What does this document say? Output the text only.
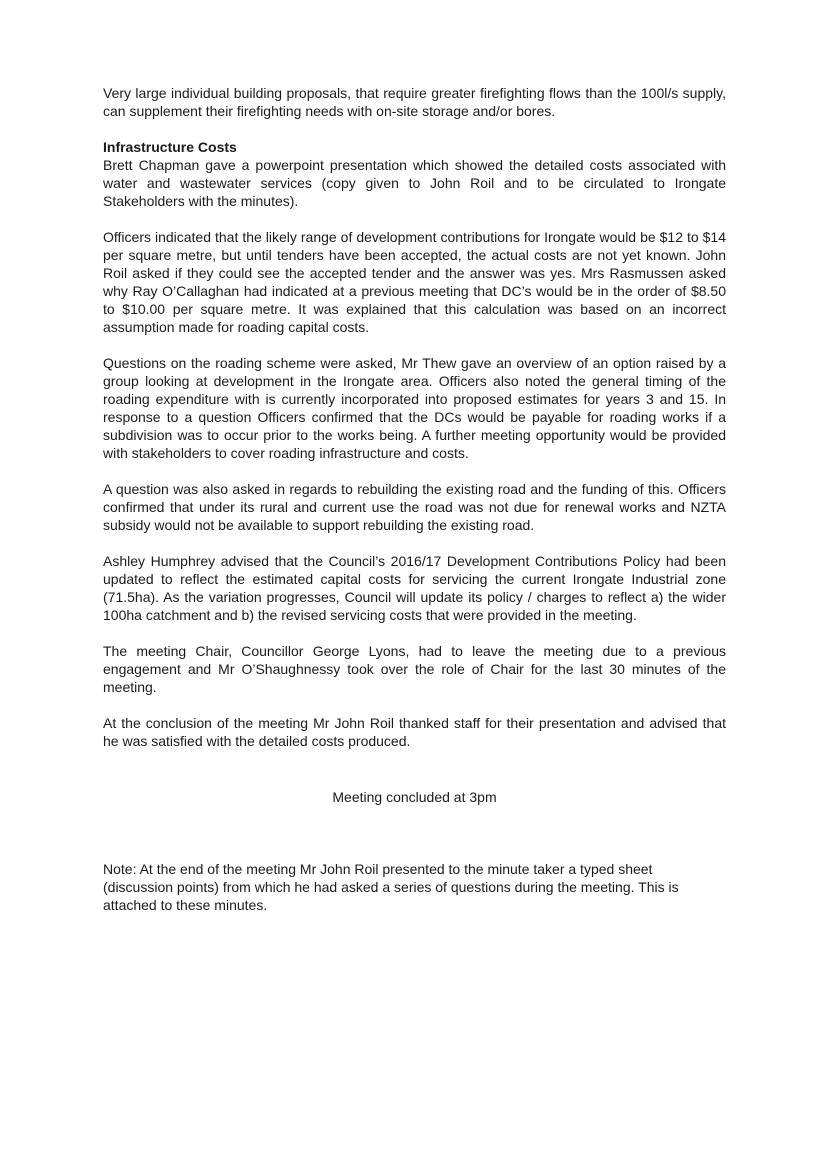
Very large individual building proposals, that require greater firefighting flows than the 100l/s supply, can supplement their firefighting needs with on-site storage and/or bores.

Infrastructure Costs

Brett Chapman gave a powerpoint presentation which showed the detailed costs associated with water and wastewater services (copy given to John Roil and to be circulated to Irongate Stakeholders with the minutes).

Officers indicated that the likely range of development contributions for Irongate would be $12 to $14 per square metre, but until tenders have been accepted, the actual costs are not yet known. John Roil asked if they could see the accepted tender and the answer was yes. Mrs Rasmussen asked why Ray O’Callaghan had indicated at a previous meeting that DC’s would be in the order of $8.50 to $10.00 per square metre. It was explained that this calculation was based on an incorrect assumption made for roading capital costs.

Questions on the roading scheme were asked, Mr Thew gave an overview of an option raised by a group looking at development in the Irongate area. Officers also noted the general timing of the roading expenditure with is currently incorporated into proposed estimates for years 3 and 15. In response to a question Officers confirmed that the DCs would be payable for roading works if a subdivision was to occur prior to the works being. A further meeting opportunity would be provided with stakeholders to cover roading infrastructure and costs.

A question was also asked in regards to rebuilding the existing road and the funding of this. Officers confirmed that under its rural and current use the road was not due for renewal works and NZTA subsidy would not be available to support rebuilding the existing road.

Ashley Humphrey advised that the Council’s 2016/17 Development Contributions Policy had been updated to reflect the estimated capital costs for servicing the current Irongate Industrial zone (71.5ha). As the variation progresses, Council will update its policy / charges to reflect a) the wider 100ha catchment and b) the revised servicing costs that were provided in the meeting.

The meeting Chair, Councillor George Lyons, had to leave the meeting due to a previous engagement and Mr O’Shaughnessy took over the role of Chair for the last 30 minutes of the meeting.

At the conclusion of the meeting Mr John Roil thanked staff for their presentation and advised that he was satisfied with the detailed costs produced.

Meeting concluded at 3pm

Note: At the end of the meeting Mr John Roil presented to the minute taker a typed sheet (discussion points) from which he had asked a series of questions during the meeting. This is attached to these minutes.
